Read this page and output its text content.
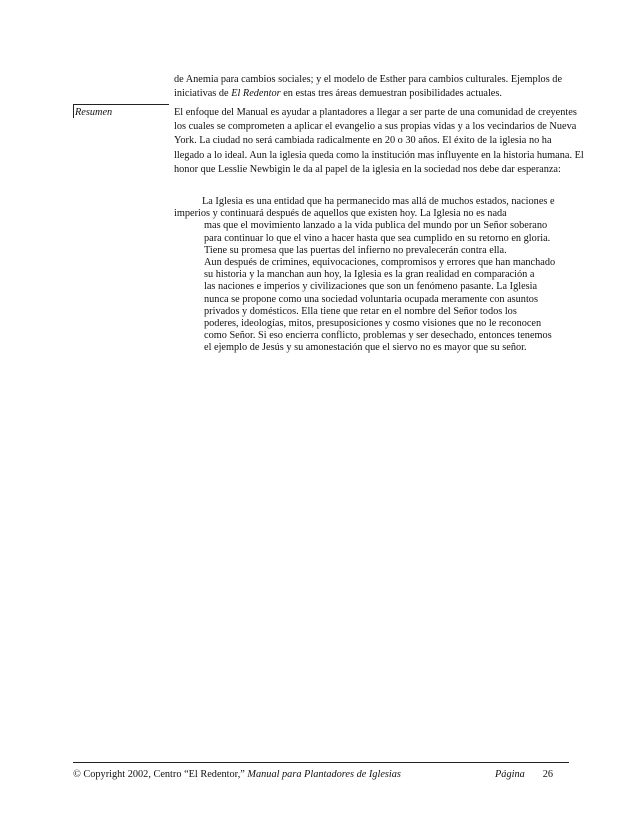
de Anemia para cambios sociales; y el modelo de Esther para cambios culturales. Ejemplos de iniciativas de El Redentor en estas tres áreas demuestran posibilidades actuales.

Resumen	El enfoque del Manual es ayudar a plantadores a llegar a ser parte de una comunidad de creyentes los cuales se comprometen a aplicar el evangelio a sus propias vidas y a los vecindarios de Nueva York. La ciudad no será cambiada radicalmente en 20 o 30 años. El éxito de la iglesia no ha llegado a lo ideal. Aun la iglesia queda como la institución mas influyente en la historia humana. El honor que Lesslie Newbigin le da al papel de la iglesia en la sociedad nos debe dar esperanza:

La Iglesia es una entidad que ha permanecido mas allá de muchos estados, naciones e
imperios y continuará después de aquellos que existen hoy. La Iglesia no es nada
mas que el movimiento lanzado a la vida publica del mundo por un Señor soberano
para continuar lo que el vino a hacer hasta que sea cumplido en su retorno en gloria.
Tiene su promesa que las puertas del infierno no prevalecerán contra ella.
Aun después de crimines, equivocaciones, compromisos y errores que han manchado
su historia y la manchan aun hoy, la Iglesia es la gran realidad en comparación a
las naciones e imperios y civilizaciones que son un fenómeno pasante. La Iglesia
nunca se propone como una sociedad voluntaria ocupada meramente con asuntos
privados y domésticos. Ella tiene que retar en el nombre del Señor todos los
poderes, ideologías, mitos, presuposiciones y cosmo visiones que no le reconocen
como Señor. Si eso encierra conflicto, problemas y ser desechado, entonces tenemos
el ejemplo de Jesús y su amonestación que el siervo no es mayor que su señor.
© Copyright 2002, Centro “El Redentor,” Manual para Plantadores de Iglesias	Página 26
